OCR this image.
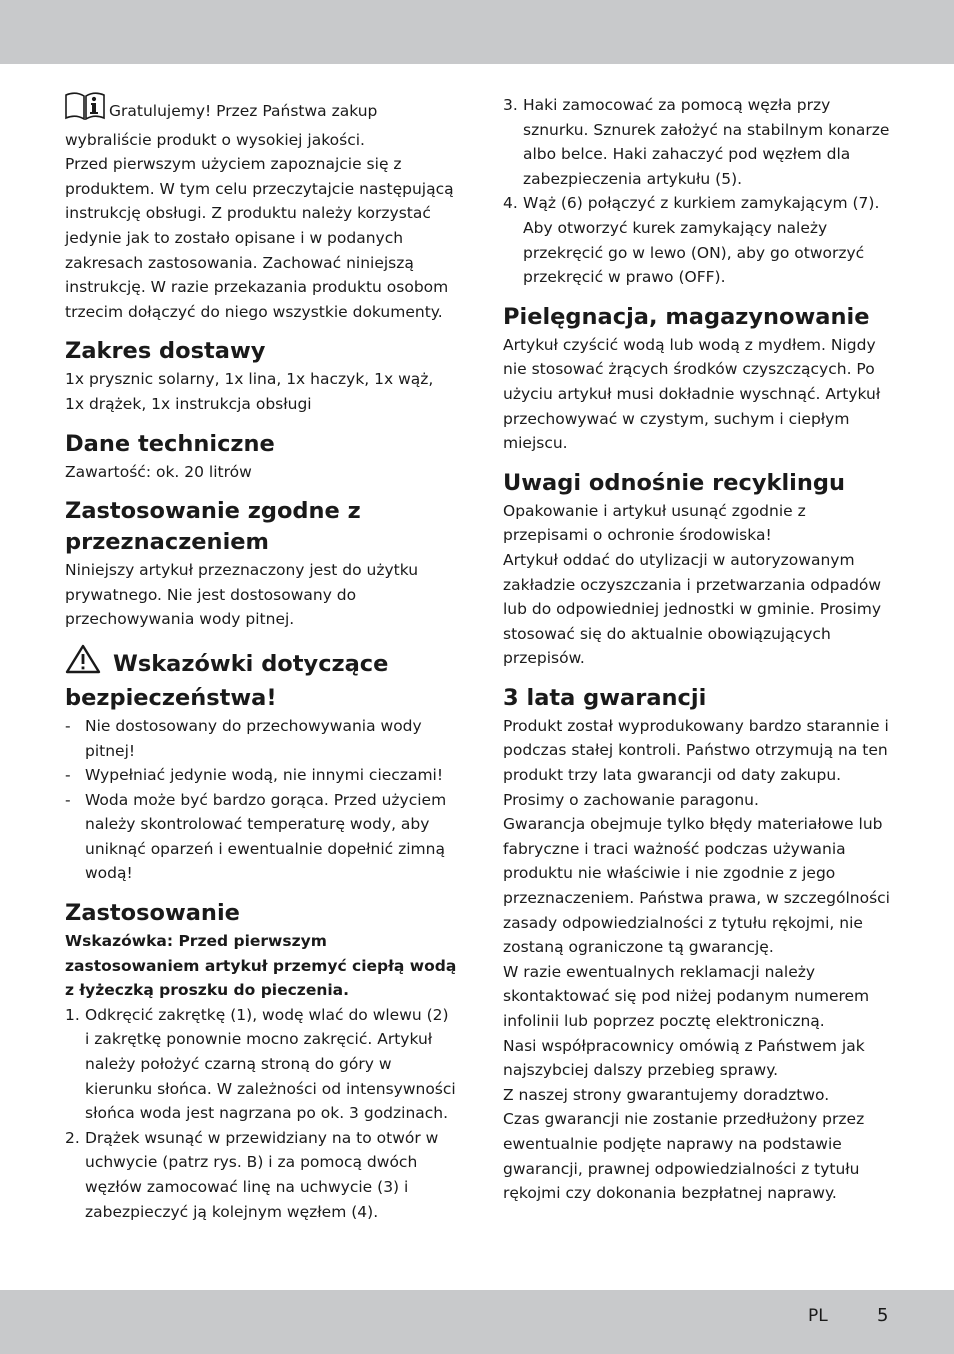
Gratulujemy! Przez Państwa zakup wybraliście produkt o wysokiej jakości.

Przed pierwszym użyciem zapoznajcie się z produktem. W tym celu przeczytajcie następującą instrukcję obsługi. Z produktu należy korzystać jedynie jak to zostało opisane i w podanych zakresach zastosowania. Zachować niniejszą instrukcję. W razie przekazania produktu osobom trzecim dołączyć do niego wszystkie dokumenty.

Zakres dostawy

1x prysznic solarny, 1x lina, 1x haczyk, 1x wąż, 1x drążek, 1x instrukcja obsługi

Dane techniczne

Zawartość: ok. 20 litrów

Zastosowanie zgodne z przeznaczeniem

Niniejszy artykuł przeznaczony jest do użytku prywatnego. Nie jest dostosowany do przechowywania wody pitnej.

Wskazówki dotyczące bezpieczeństwa!
- Nie dostosowany do przechowywania wody pitnej!
- Wypełniać jedynie wodą, nie innymi cieczami!
- Woda może być bardzo gorąca. Przed użyciem należy skontrolować temperaturę wody, aby uniknąć oparzeń i ewentualnie dopełnić zimną wodą!
Zastosowanie

Wskazówka: Przed pierwszym zastosowaniem artykuł przemyć ciepłą wodą z łyżeczką proszku do pieczenia.

1. Odkręcić zakrętkę (1), wodę wlać do wlewu (2) i zakrętkę ponownie mocno zakręcić. Artykuł należy położyć czarną stroną do góry w kierunku słońca. W zależności od intensywności słońca woda jest nagrzana po ok. 3 godzinach.
2. Drążek wsunąć w przewidziany na to otwór w uchwycie (patrz rys. B) i za pomocą dwóch węzłów zamocować linę na uchwycie (3) i zabezpieczyć ją kolejnym węzłem (4).
3. Haki zamocować za pomocą węzła przy sznurku. Sznurek założyć na stabilnym konarze albo belce. Haki zahaczyć pod węzłem dla zabezpieczenia artykułu (5).
4. Wąż (6) połączyć z kurkiem zamykającym (7). Aby otworzyć kurek zamykający należy przekręcić go w lewo (ON), aby go otworzyć przekręcić w prawo (OFF).
Pielęgnacja, magazynowanie

Artykuł czyścić wodą lub wodą z mydłem. Nigdy nie stosować żrących środków czyszczących. Po użyciu artykuł musi dokładnie wyschnąć. Artykuł przechowywać w czystym, suchym i ciepłym miejscu.

Uwagi odnośnie recyklingu

Opakowanie i artykuł usunąć zgodnie z przepisami o ochronie środowiska!

Artykuł oddać do utylizacji w autoryzowanym zakładzie oczyszczania i przetwarzania odpadów lub do odpowiedniej jednostki w gminie. Prosimy stosować się do aktualnie obowiązujących przepisów.

3 lata gwarancji

Produkt został wyprodukowany bardzo starannie i podczas stałej kontroli. Państwo otrzymują na ten produkt trzy lata gwarancji od daty zakupu. Prosimy o zachowanie paragonu.

Gwarancja obejmuje tylko błędy materiałowe lub fabryczne i traci ważność podczas używania produktu nie właściwie i nie zgodnie z jego przeznaczeniem. Państwa prawa, w szczególności zasady odpowiedzialności z tytułu rękojmi, nie zostaną ograniczone tą gwarancję.

W razie ewentualnych reklamacji należy skontaktować się pod niżej podanym numerem infolinii lub poprzez pocztę elektroniczną.

Nasi współpracownicy omówią z Państwem jak najszybciej dalszy przebieg sprawy.

Z naszej strony gwarantujemy doradztwo.

Czas gwarancji nie zostanie przedłużony przez ewentualnie podjęte naprawy na podstawie gwarancji, prawnej odpowiedzialności z tytułu rękojmi czy dokonania bezpłatnej naprawy.

PL	5
